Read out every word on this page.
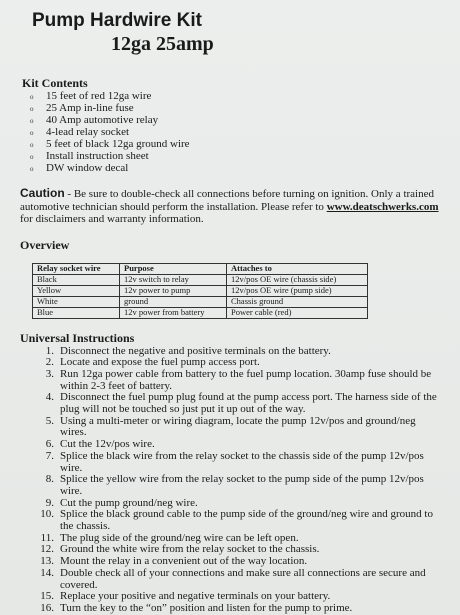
Pump Hardwire Kit
12ga 25amp
Kit Contents
o	15 feet of red 12ga wire
o	25 Amp in-line fuse
o	40 Amp automotive relay
o	4-lead relay socket
o	5 feet of black 12ga ground wire
o	Install instruction sheet
o	DW window decal

Caution - Be sure to double-check all connections before turning on ignition. Only a trained automotive technician should perform the installation. Please refer to www.deatschwerks.com for disclaimers and warranty information.

Overview
Relay socket wire	Purpose	Attaches to
Black	12v switch to relay	12v/pos OE wire (chassis side)
Yellow	12v power to pump	12v/pos OE wire (pump side)
White	ground	Chassis ground
Blue	12v power from battery	Power cable (red)
Universal Instructions
1. Disconnect the negative and positive terminals on the battery.
2. Locate and expose the fuel pump access port.
3. Run 12ga power cable from battery to the fuel pump location. 30amp fuse should be within 2-3 feet of battery.
4. Disconnect the fuel pump plug found at the pump access port. The harness side of the plug will not be touched so just put it up out of the way.
5. Using a multi-meter or wiring diagram, locate the pump 12v/pos and ground/neg wires.
6. Cut the 12v/pos wire.
7. Splice the black wire from the relay socket to the chassis side of the pump 12v/pos wire.
8. Splice the yellow wire from the relay socket to the pump side of the pump 12v/pos wire.
9. Cut the pump ground/neg wire.
10. Splice the black ground cable to the pump side of the ground/neg wire and ground to the chassis.
11. The plug side of the ground/neg wire can be left open.
12. Ground the white wire from the relay socket to the chassis.
13. Mount the relay in a convenient out of the way location.
14. Double check all of your connections and make sure all connections are secure and covered.
15. Replace your positive and negative terminals on your battery.
16. Turn the key to the “on” position and listen for the pump to prime.
